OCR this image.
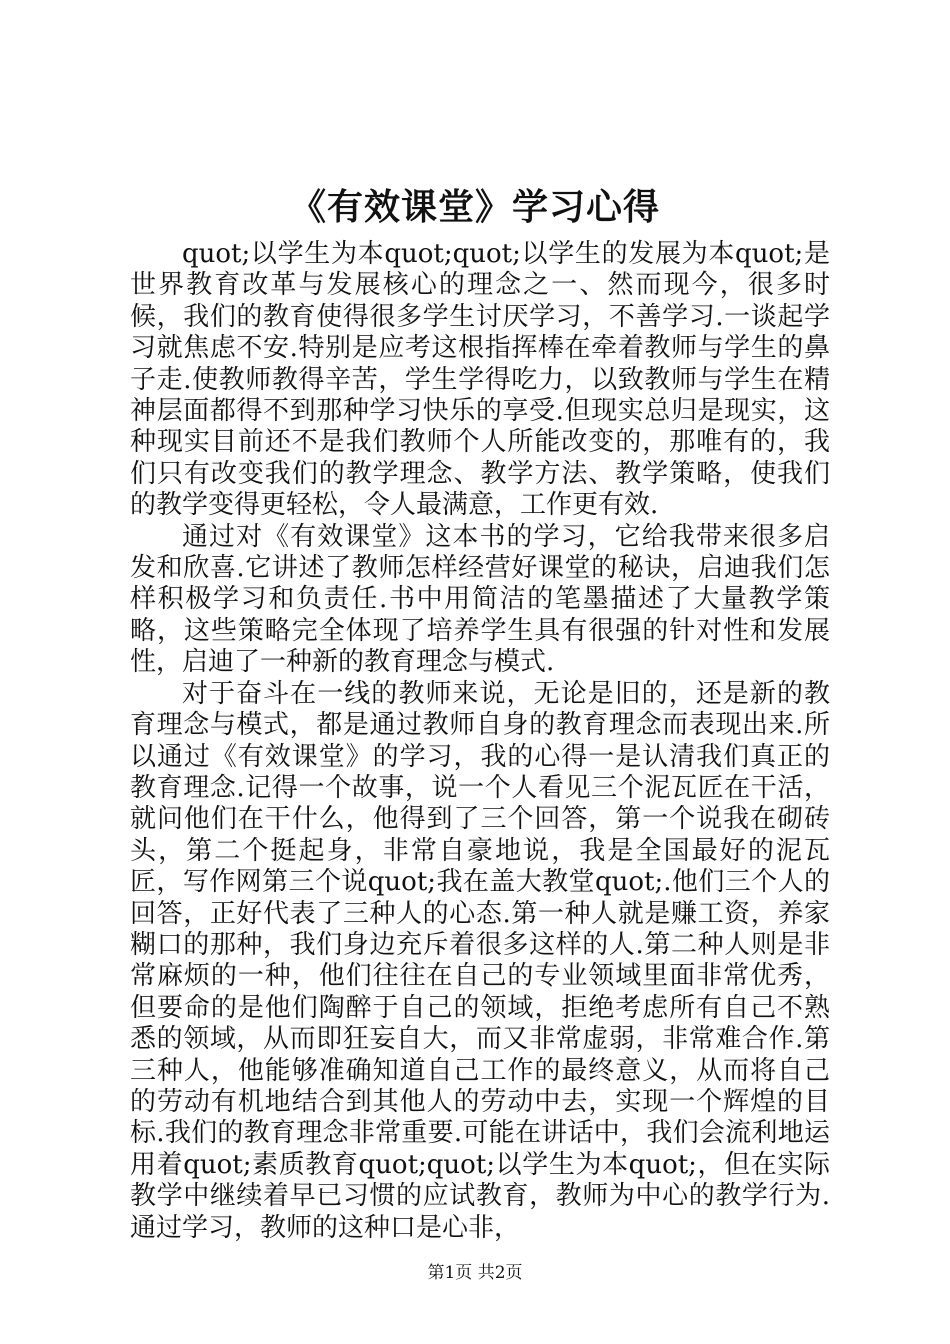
《有效课堂》学习心得

quot;以学生为本quot;quot;以学生的发展为本quot;是世界教育改革与发展核心的理念之一、然而现今，很多时候，我们的教育使得很多学生讨厌学习，不善学习.一谈起学习就焦虑不安.特别是应考这根指挥棒在牵着教师与学生的鼻子走.使教师教得辛苦，学生学得吃力，以致教师与学生在精神层面都得不到那种学习快乐的享受.但现实总归是现实，这种现实目前还不是我们教师个人所能改变的，那唯有的，我们只有改变我们的教学理念、教学方法、教学策略，使我们的教学变得更轻松，令人最满意，工作更有效.

通过对《有效课堂》这本书的学习，它给我带来很多启发和欣喜.它讲述了教师怎样经营好课堂的秘诀，启迪我们怎样积极学习和负责任.书中用简洁的笔墨描述了大量教学策略，这些策略完全体现了培养学生具有很强的针对性和发展性，启迪了一种新的教育理念与模式.

对于奋斗在一线的教师来说，无论是旧的，还是新的教育理念与模式，都是通过教师自身的教育理念而表现出来.所以通过《有效课堂》的学习，我的心得一是认清我们真正的教育理念.记得一个故事，说一个人看见三个泥瓦匠在干活，就问他们在干什么，他得到了三个回答，第一个说我在砌砖头，第二个挺起身，非常自豪地说，我是全国最好的泥瓦匠，写作网第三个说quot;我在盖大教堂quot;.他们三个人的回答，正好代表了三种人的心态.第一种人就是赚工资，养家糊口的那种，我们身边充斥着很多这样的人.第二种人则是非常麻烦的一种，他们往往在自己的专业领域里面非常优秀，但要命的是他们陶醉于自己的领域，拒绝考虑所有自己不熟悉的领域，从而即狂妄自大，而又非常虚弱，非常难合作.第三种人，他能够准确知道自己工作的最终意义，从而将自己的劳动有机地结合到其他人的劳动中去，实现一个辉煌的目标.我们的教育理念非常重要.可能在讲话中，我们会流利地运用着quot;素质教育quot;quot;以学生为本quot;，但在实际教学中继续着早已习惯的应试教育，教师为中心的教学行为.通过学习，教师的这种口是心非，

第1页 共2页
